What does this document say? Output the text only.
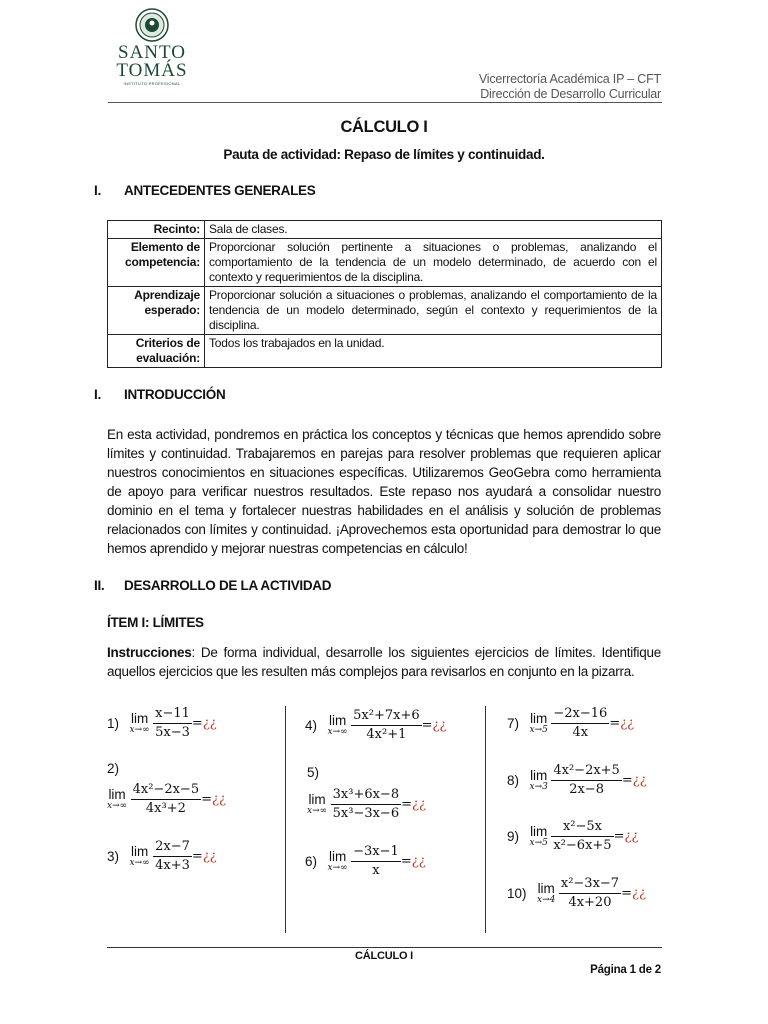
SANTO
TOMÁS
INSTITUTO PROFESIONAL	Vicerrectoría Académica IP – CFT
Dirección de Desarrollo Curricular
CÁLCULO I
Pauta de actividad: Repaso de límites y continuidad.
I. ANTECEDENTES GENERALES
Recinto:	Sala de clases.
Elemento de competencia:	Proporcionar solución pertinente a situaciones o problemas, analizando el comportamiento de la tendencia de un modelo determinado, de acuerdo con el contexto y requerimientos de la disciplina.
Aprendizaje esperado:	Proporcionar solución a situaciones o problemas, analizando el comportamiento de la tendencia de un modelo determinado, según el contexto y requerimientos de la disciplina.
Criterios de evaluación:	Todos los trabajados en la unidad.
I. INTRODUCCIÓN
En esta actividad, pondremos en práctica los conceptos y técnicas que hemos aprendido sobre límites y continuidad. Trabajaremos en parejas para resolver problemas que requieren aplicar nuestros conocimientos en situaciones específicas. Utilizaremos GeoGebra como herramienta de apoyo para verificar nuestros resultados. Este repaso nos ayudará a consolidar nuestro dominio en el tema y fortalecer nuestras habilidades en el análisis y solución de problemas relacionados con límites y continuidad. ¡Aprovechemos esta oportunidad para demostrar lo que hemos aprendido y mejorar nuestras competencias en cálculo!
II. DESARROLLO DE LA ACTIVIDAD
ÍTEM I: LÍMITES
Instrucciones: De forma individual, desarrolle los siguientes ejercicios de límites. Identifique aquellos ejercicios que les resulten más complejos para revisarlos en conjunto en la pizarra.
1) lim
x→∞
$\frac{x-11}{5x-3}$ =¿¿
2)
lim
x→∞
$\frac{\text{4x²−2x−5}}{\text{4x³+2}}$ =¿¿
3) lim
x→∞
$\frac{2x-7}{4x+3}$ =¿¿
4) lim
x→∞
$\frac{\text{5x²+7x+6}}{\text{4x²+1}}$ =¿¿
5)
lim
x→∞
$\frac{\text{3x³+6x−8}}{\text{5x³−3x−6}}$ =¿¿
6) lim
x→∞
$\frac{-3x-1}{x}$ =¿¿
7) lim
x→5
$\frac{-2x-16}{4x}$ =¿¿
8) lim
x→3
$\frac{\text{4x²−2x+5}}{2x-8}$ =¿¿
9) lim
x→5
$\frac{\text{x²−5x}}{\text{x²−6x+5}}$ =¿¿
10) lim
x→4
$\frac{\text{x²−3x−7}}{4x+20}$ =¿¿
CÁLCULO I
Página 1 de 2
